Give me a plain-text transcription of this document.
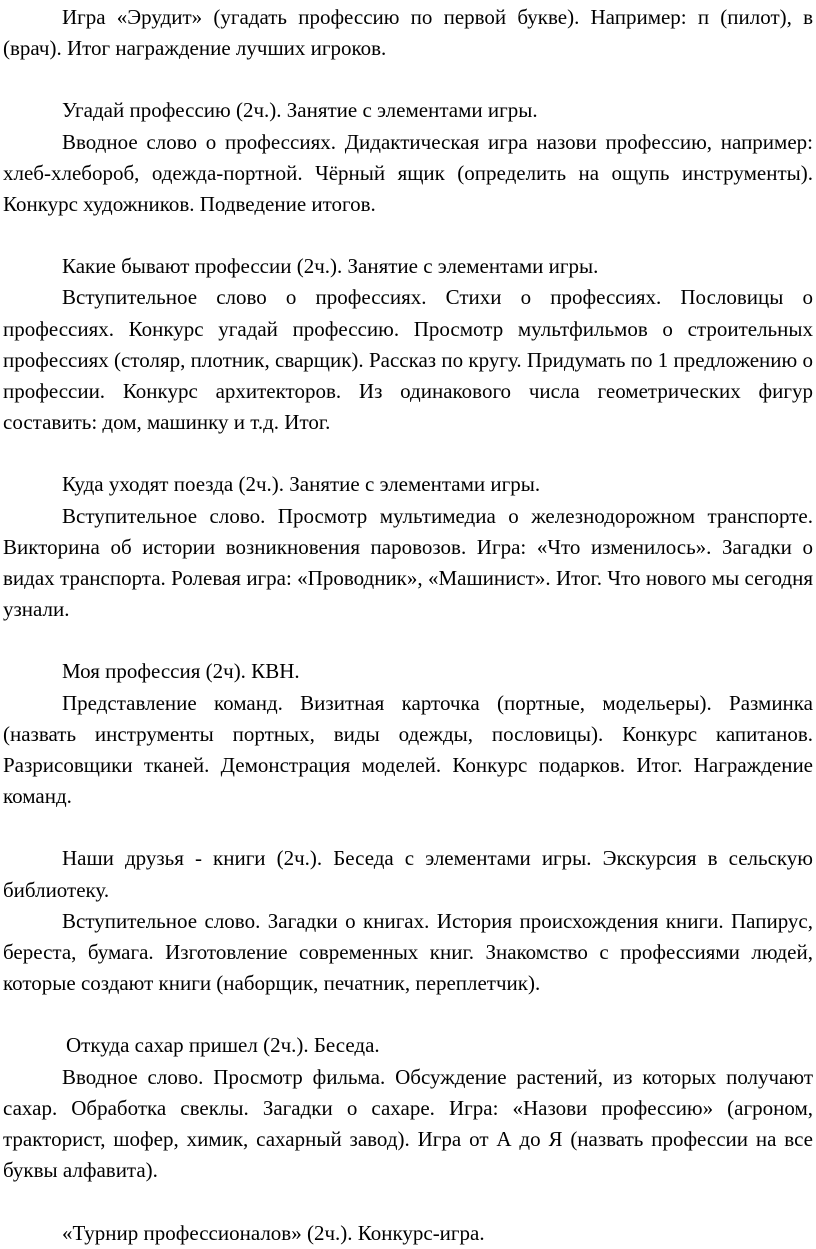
Игра «Эрудит» (угадать профессию по первой букве). Например: п (пилот), в (врач). Итог награждение лучших игроков.

Угадай профессию (2ч.). Занятие с элементами игры.

Вводное слово о профессиях. Дидактическая игра назови профессию, например: хлеб-хлебороб, одежда-портной. Чёрный ящик (определить на ощупь инструменты). Конкурс художников. Подведение итогов.

Какие бывают профессии (2ч.). Занятие с элементами игры.

Вступительное слово о профессиях. Стихи о профессиях. Пословицы о профессиях. Конкурс угадай профессию. Просмотр мультфильмов о строительных профессиях (столяр, плотник, сварщик). Рассказ по кругу. Придумать по 1 предложению о профессии. Конкурс архитекторов. Из одинакового числа геометрических фигур составить: дом, машинку и т.д. Итог.

Куда уходят поезда (2ч.). Занятие с элементами игры.

Вступительное слово. Просмотр мультимедиа о железнодорожном транспорте. Викторина об истории возникновения паровозов. Игра: «Что изменилось». Загадки о видах транспорта. Ролевая игра: «Проводник», «Машинист». Итог. Что нового мы сегодня узнали.

Моя профессия (2ч). КВН.

Представление команд. Визитная карточка (портные, модельеры). Разминка (назвать инструменты портных, виды одежды, пословицы). Конкурс капитанов. Разрисовщики тканей. Демонстрация моделей. Конкурс подарков. Итог. Награждение команд.

Наши друзья - книги (2ч.). Беседа с элементами игры. Экскурсия в сельскую библиотеку.

Вступительное слово. Загадки о книгах. История происхождения книги. Папирус, береста, бумага. Изготовление современных книг. Знакомство с профессиями людей, которые создают книги (наборщик, печатник, переплетчик).

Откуда сахар пришел (2ч.). Беседа.

Вводное слово. Просмотр фильма. Обсуждение растений, из которых получают сахар. Обработка свеклы. Загадки о сахаре. Игра: «Назови профессию» (агроном, тракторист, шофер, химик, сахарный завод). Игра от А до Я (назвать профессии на все буквы алфавита).

«Турнир профессионалов» (2ч.). Конкурс-игра.
